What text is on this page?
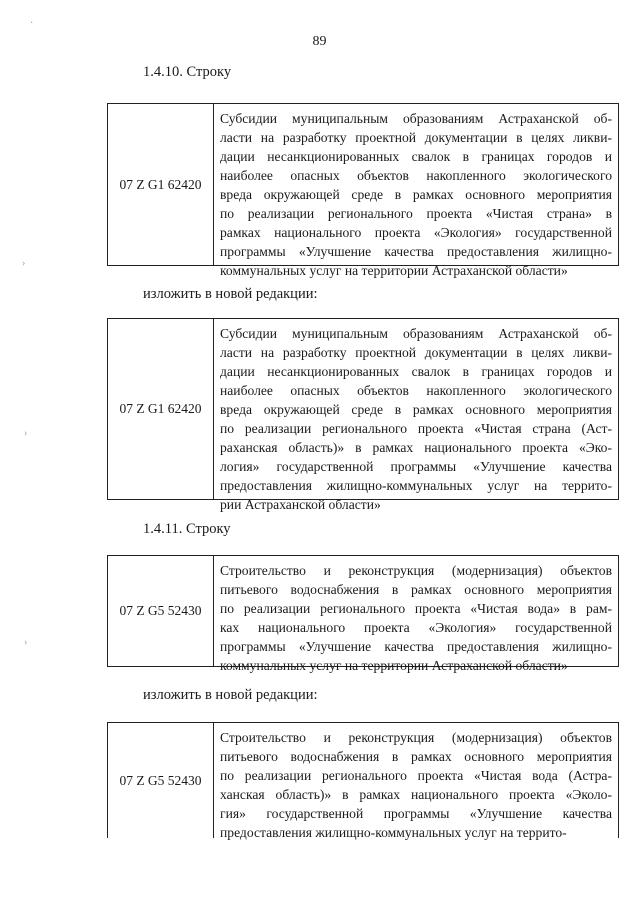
89
1.4.10. Строку
07 Z G1 62420
Субсидии муниципальным образованиям Астраханской об-
ласти на разработку проектной документации в целях ликви-
дации несанкционированных свалок в границах городов и
наиболее опасных объектов накопленного экологического
вреда окружающей среде в рамках основного мероприятия
по реализации регионального проекта «Чистая страна» в
рамках национального проекта «Экология» государственной
программы «Улучшение качества предоставления жилищно-
коммунальных услуг на территории Астраханской области»
изложить в новой редакции:
07 Z G1 62420
Субсидии муниципальным образованиям Астраханской об-
ласти на разработку проектной документации в целях ликви-
дации несанкционированных свалок в границах городов и
наиболее опасных объектов накопленного экологического
вреда окружающей среде в рамках основного мероприятия
по реализации регионального проекта «Чистая страна (Аст-
раханская область)» в рамках национального проекта «Эко-
логия» государственной программы «Улучшение качества
предоставления жилищно-коммунальных услуг на террито-
рии Астраханской области»
1.4.11. Строку
07 Z G5 52430
Строительство и реконструкция (модернизация) объектов
питьевого водоснабжения в рамках основного мероприятия
по реализации регионального проекта «Чистая вода» в рам-
ках национального проекта «Экология» государственной
программы «Улучшение качества предоставления жилищно-
коммунальных услуг на территории Астраханской области»
изложить в новой редакции:
07 Z G5 52430
Строительство и реконструкция (модернизация) объектов
питьевого водоснабжения в рамках основного мероприятия
по реализации регионального проекта «Чистая вода (Астра-
ханская область)» в рамках национального проекта «Эколо-
гия» государственной программы «Улучшение качества
предоставления жилищно-коммунальных услуг на террито-
·
›
›
›
